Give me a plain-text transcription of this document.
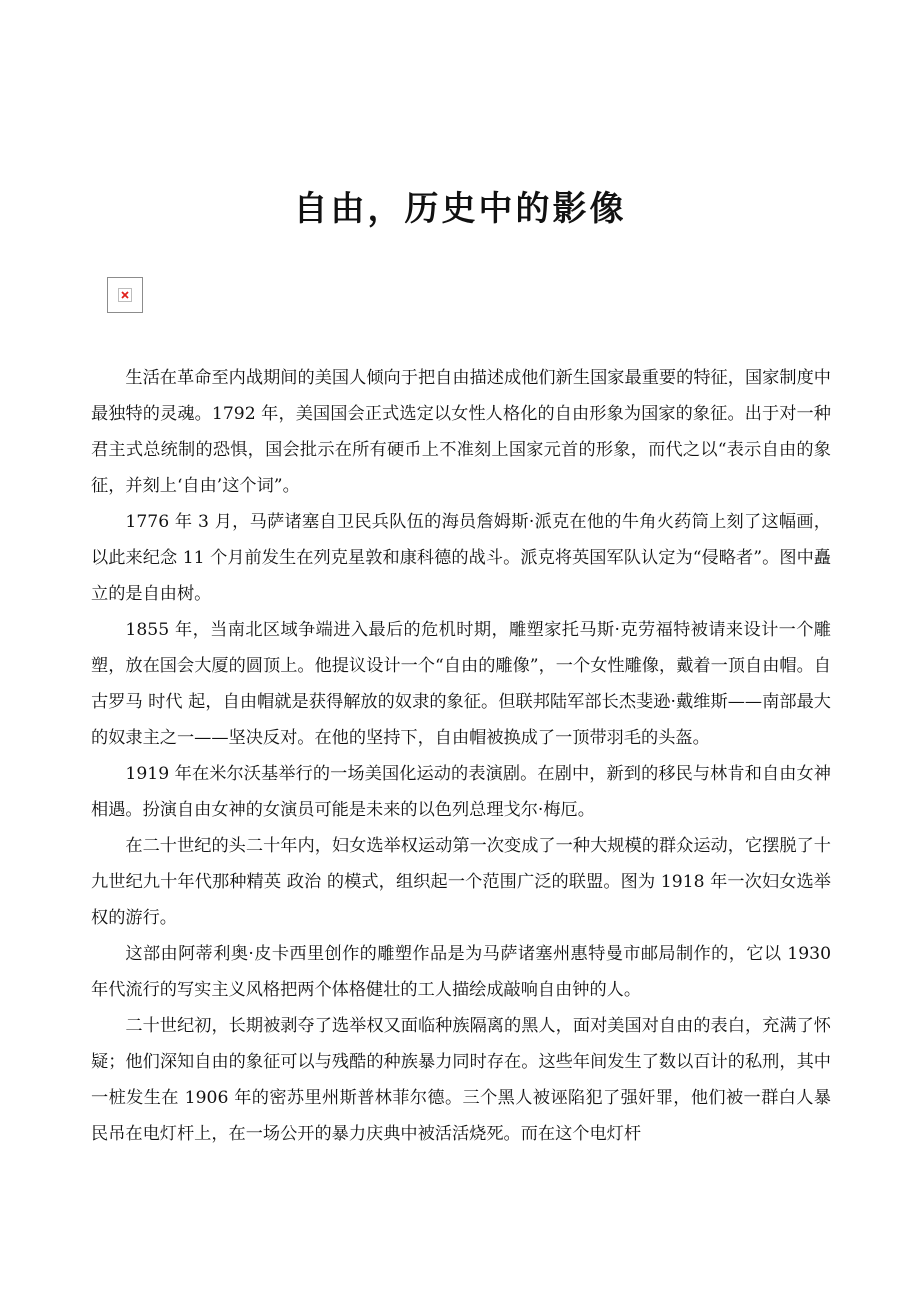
自由，历史中的影像

生活在革命至内战期间的美国人倾向于把自由描述成他们新生国家最重要的特征，国家制度中最独特的灵魂。1792 年，美国国会正式选定以女性人格化的自由形象为国家的象征。出于对一种君主式总统制的恐惧，国会批示在所有硬币上不准刻上国家元首的形象，而代之以“表示自由的象征，并刻上‘自由’这个词”。

1776 年 3 月，马萨诸塞自卫民兵队伍的海员詹姆斯·派克在他的牛角火药筒上刻了这幅画，以此来纪念 11 个月前发生在列克星敦和康科德的战斗。派克将英国军队认定为“侵略者”。图中矗立的是自由树。

1855 年，当南北区域争端进入最后的危机时期，雕塑家托马斯·克劳福特被请来设计一个雕塑，放在国会大厦的圆顶上。他提议设计一个“自由的雕像”，一个女性雕像，戴着一顶自由帽。自古罗马 时代 起，自由帽就是获得解放的奴隶的象征。但联邦陆军部长杰斐逊·戴维斯——南部最大的奴隶主之一——坚决反对。在他的坚持下，自由帽被换成了一顶带羽毛的头盔。

1919 年在米尔沃基举行的一场美国化运动的表演剧。在剧中，新到的移民与林肯和自由女神相遇。扮演自由女神的女演员可能是未来的以色列总理戈尔·梅厄。

在二十世纪的头二十年内，妇女选举权运动第一次变成了一种大规模的群众运动，它摆脱了十九世纪九十年代那种精英 政治 的模式，组织起一个范围广泛的联盟。图为 1918 年一次妇女选举权的游行。

这部由阿蒂利奥·皮卡西里创作的雕塑作品是为马萨诸塞州惠特曼市邮局制作的，它以 1930 年代流行的写实主义风格把两个体格健壮的工人描绘成敲响自由钟的人。

二十世纪初，长期被剥夺了选举权又面临种族隔离的黑人，面对美国对自由的表白，充满了怀疑；他们深知自由的象征可以与残酷的种族暴力同时存在。这些年间发生了数以百计的私刑，其中一桩发生在 1906 年的密苏里州斯普林菲尔德。三个黑人被诬陷犯了强奸罪，他们被一群白人暴民吊在电灯杆上，在一场公开的暴力庆典中被活活烧死。而在这个电灯杆
